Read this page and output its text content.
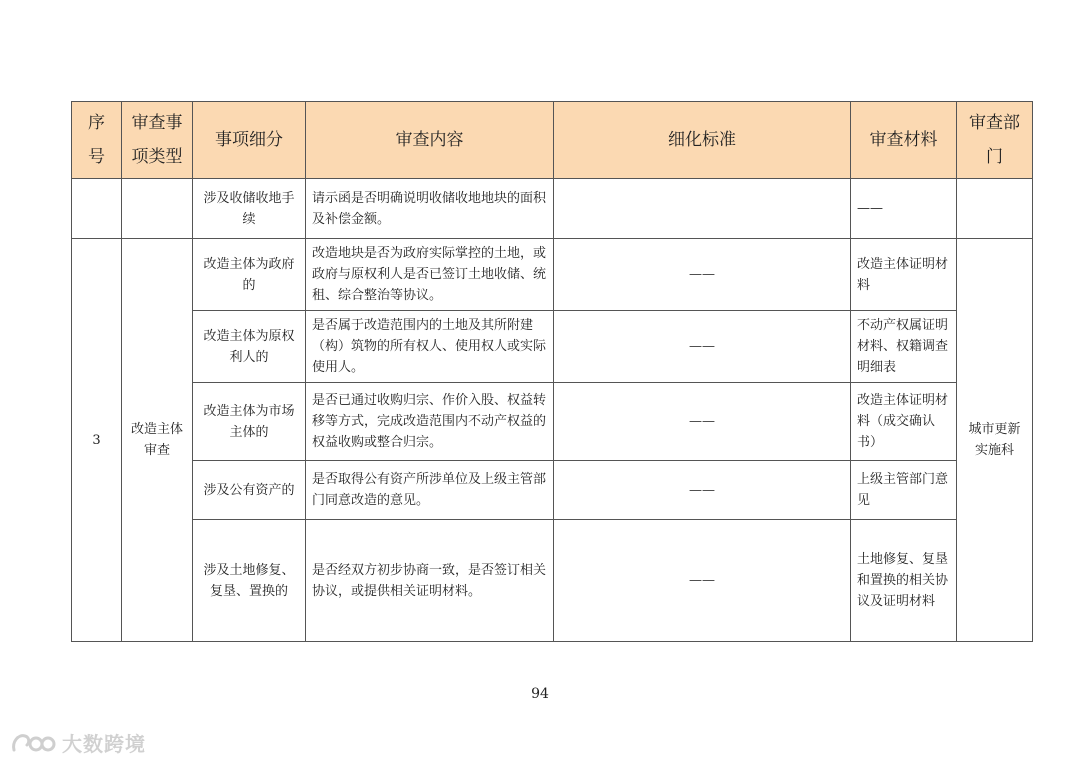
序号	审查事项类型	事项细分	审查内容	细化标准	审查材料	审查部门
		涉及收储收地手续	请示函是否明确说明收储收地地块的面积及补偿金额。		——	
3	改造主体审查	改造主体为政府的	改造地块是否为政府实际掌控的土地，或政府与原权利人是否已签订土地收储、统租、综合整治等协议。	——	改造主体证明材料	城市更新实施科
		改造主体为原权利人的	是否属于改造范围内的土地及其所附建（构）筑物的所有权人、使用权人或实际使用人。	——	不动产权属证明材料、权籍调查明细表	
		改造主体为市场主体的	是否已通过收购归宗、作价入股、权益转移等方式，完成改造范围内不动产权益的权益收购或整合归宗。	——	改造主体证明材料（成交确认书）	
		涉及公有资产的	是否取得公有资产所涉单位及上级主管部门同意改造的意见。	——	上级主管部门意见	
		涉及土地修复、复垦、置换的	是否经双方初步协商一致，是否签订相关协议，或提供相关证明材料。	——	土地修复、复垦和置换的相关协议及证明材料	
94
大数跨境
